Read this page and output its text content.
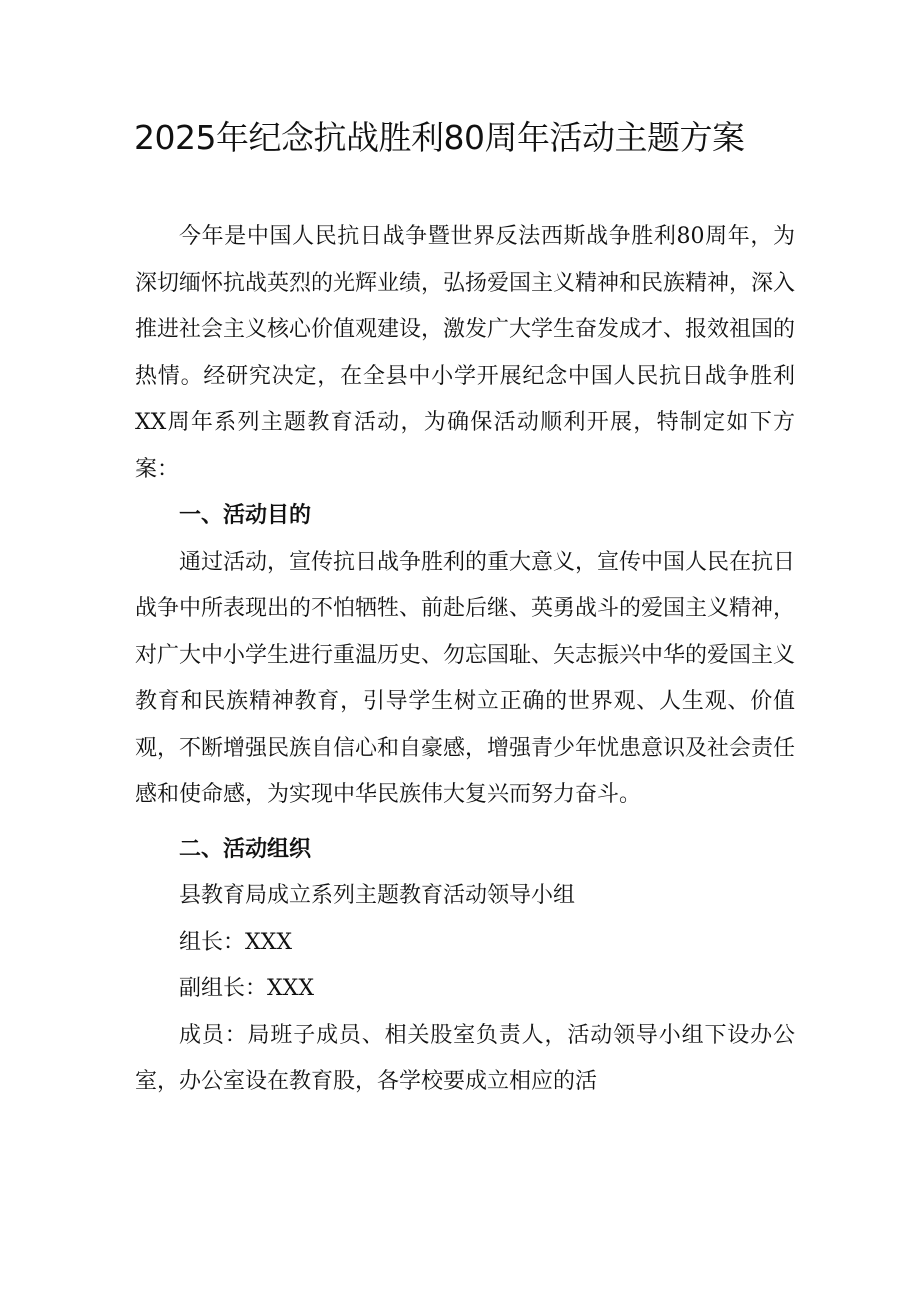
2025年纪念抗战胜利80周年活动主题方案

今年是中国人民抗日战争暨世界反法西斯战争胜利80周年，为深切缅怀抗战英烈的光辉业绩，弘扬爱国主义精神和民族精神，深入推进社会主义核心价值观建设，激发广大学生奋发成才、报效祖国的热情。经研究决定，在全县中小学开展纪念中国人民抗日战争胜利XX周年系列主题教育活动，为确保活动顺利开展，特制定如下方案：

一、活动目的

通过活动，宣传抗日战争胜利的重大意义，宣传中国人民在抗日战争中所表现出的不怕牺牲、前赴后继、英勇战斗的爱国主义精神，对广大中小学生进行重温历史、勿忘国耻、矢志振兴中华的爱国主义教育和民族精神教育，引导学生树立正确的世界观、人生观、价值观，不断增强民族自信心和自豪感，增强青少年忧患意识及社会责任感和使命感，为实现中华民族伟大复兴而努力奋斗。

二、活动组织

县教育局成立系列主题教育活动领导小组

组长：XXX

副组长：XXX

成员：局班子成员、相关股室负责人，活动领导小组下设办公室，办公室设在教育股，各学校要成立相应的活
